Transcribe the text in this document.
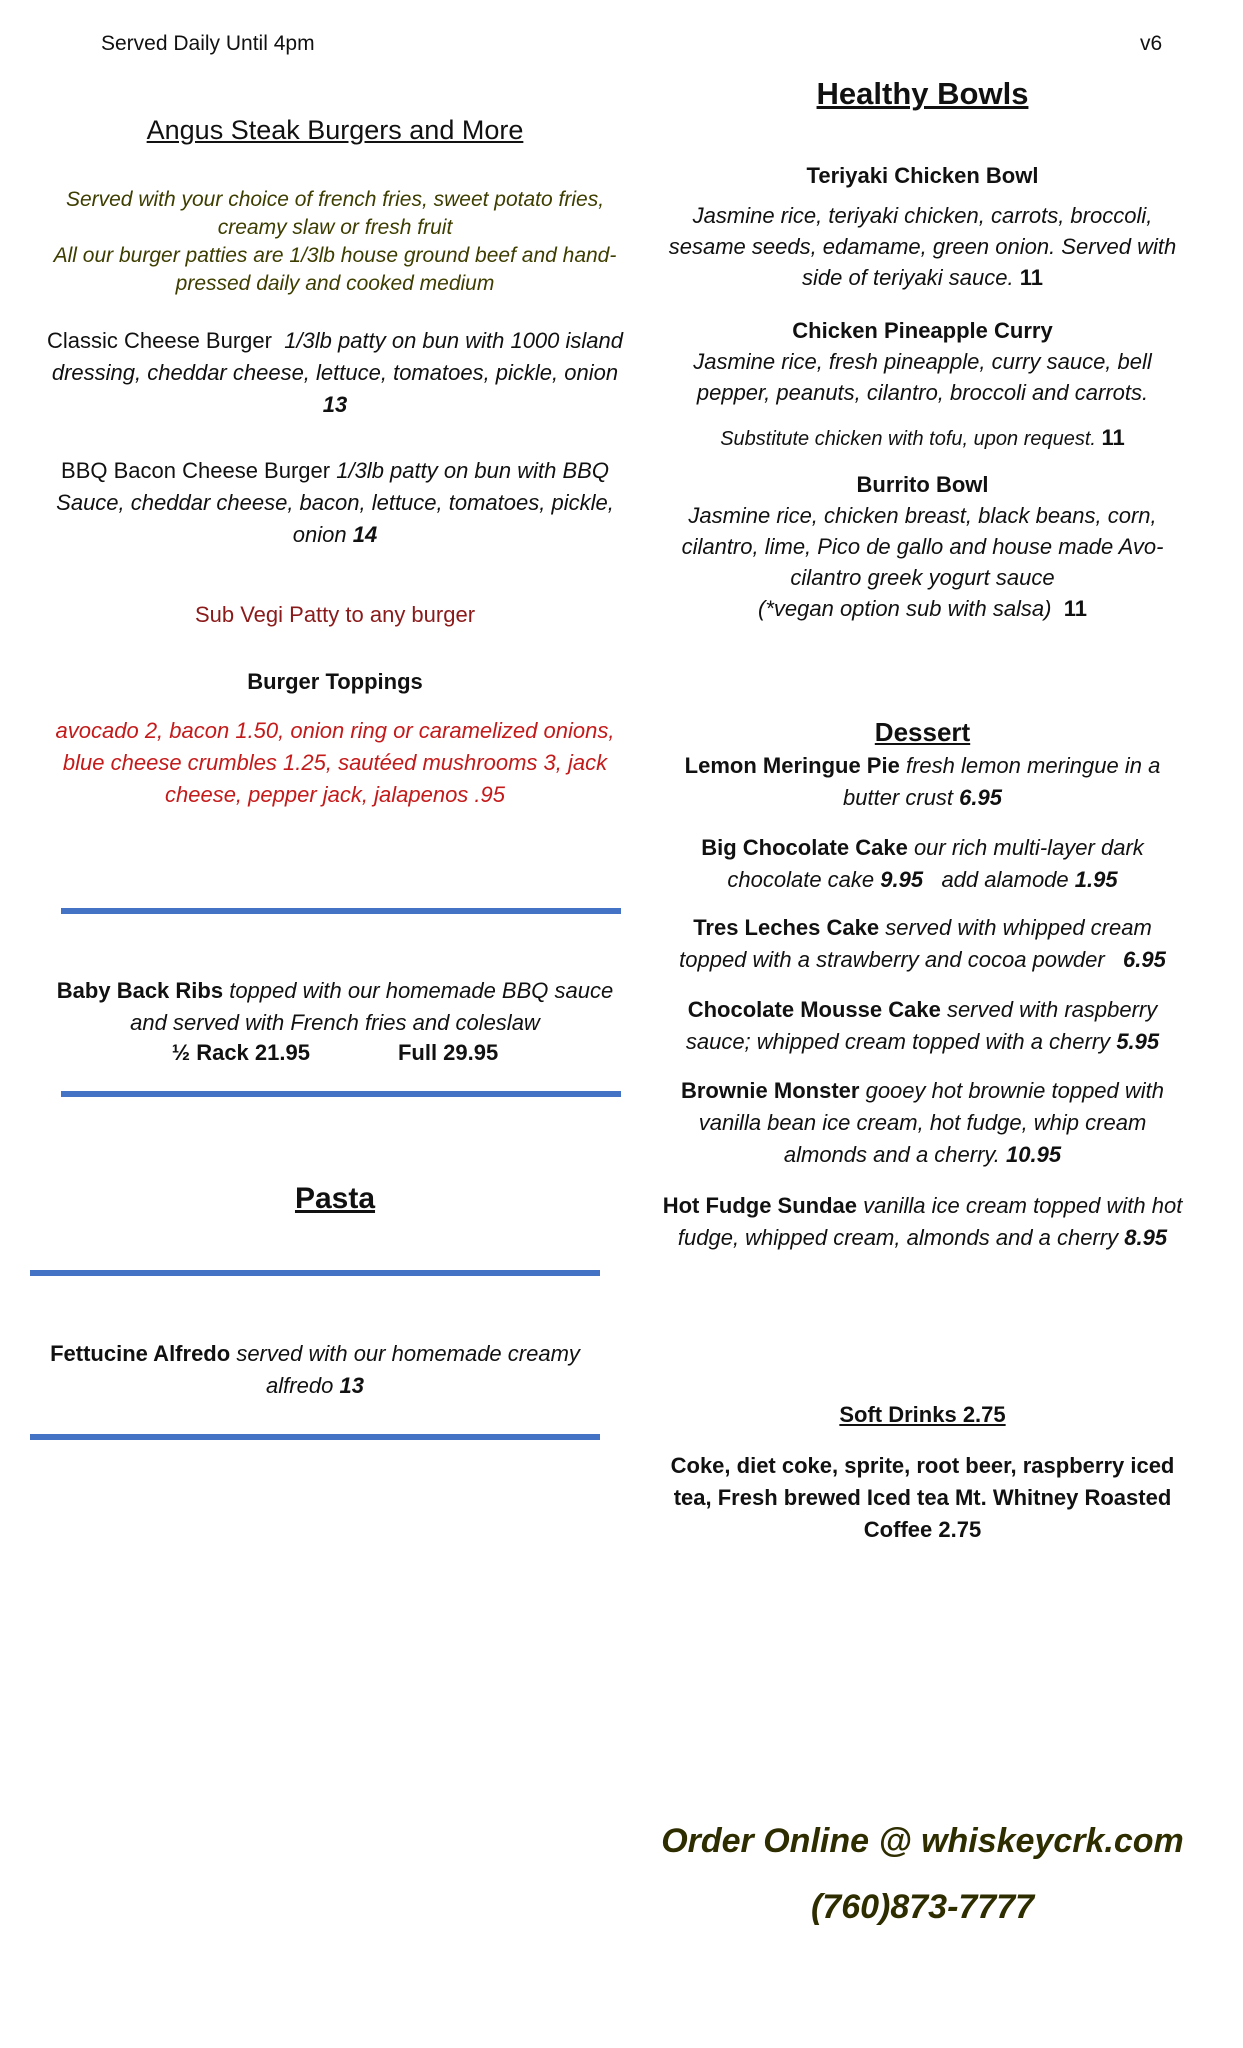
Served Daily Until 4pm	v6
Angus Steak Burgers and More
Served with your choice of french fries, sweet potato fries, creamy slaw or fresh fruit
All our burger patties are 1/3lb house ground beef and hand-pressed daily and cooked medium
Classic Cheese Burger 1/3lb patty on bun with 1000 island dressing, cheddar cheese, lettuce, tomatoes, pickle, onion 13
BBQ Bacon Cheese Burger 1/3lb patty on bun with BBQ Sauce, cheddar cheese, bacon, lettuce, tomatoes, pickle, onion 14
Sub Vegi Patty to any burger
Burger Toppings
avocado 2, bacon 1.50, onion ring or caramelized onions, blue cheese crumbles 1.25, sautéed mushrooms 3, jack cheese, pepper jack, jalapenos .95
Baby Back Ribs topped with our homemade BBQ sauce and served with French fries and coleslaw
½ Rack 21.95	Full 29.95
Pasta
Fettucine Alfredo served with our homemade creamy alfredo 13
Healthy Bowls
Teriyaki Chicken Bowl
Jasmine rice, teriyaki chicken, carrots, broccoli, sesame seeds, edamame, green onion. Served with side of teriyaki sauce. 11
Chicken Pineapple Curry
Jasmine rice, fresh pineapple, curry sauce, bell pepper, peanuts, cilantro, broccoli and carrots.
Substitute chicken with tofu, upon request. 11
Burrito Bowl
Jasmine rice, chicken breast, black beans, corn, cilantro, lime, Pico de gallo and house made Avo-cilantro greek yogurt sauce
(*vegan option sub with salsa) 11
Dessert
Lemon Meringue Pie fresh lemon meringue in a butter crust 6.95
Big Chocolate Cake our rich multi-layer dark chocolate cake 9.95 add alamode 1.95
Tres Leches Cake served with whipped cream topped with a strawberry and cocoa powder 6.95
Chocolate Mousse Cake served with raspberry sauce; whipped cream topped with a cherry 5.95
Brownie Monster gooey hot brownie topped with vanilla bean ice cream, hot fudge, whip cream almonds and a cherry. 10.95
Hot Fudge Sundae vanilla ice cream topped with hot fudge, whipped cream, almonds and a cherry 8.95
Soft Drinks 2.75
Coke, diet coke, sprite, root beer, raspberry iced tea, Fresh brewed Iced tea Mt. Whitney Roasted Coffee 2.75
Order Online @ whiskeycrk.com
(760)873-7777
